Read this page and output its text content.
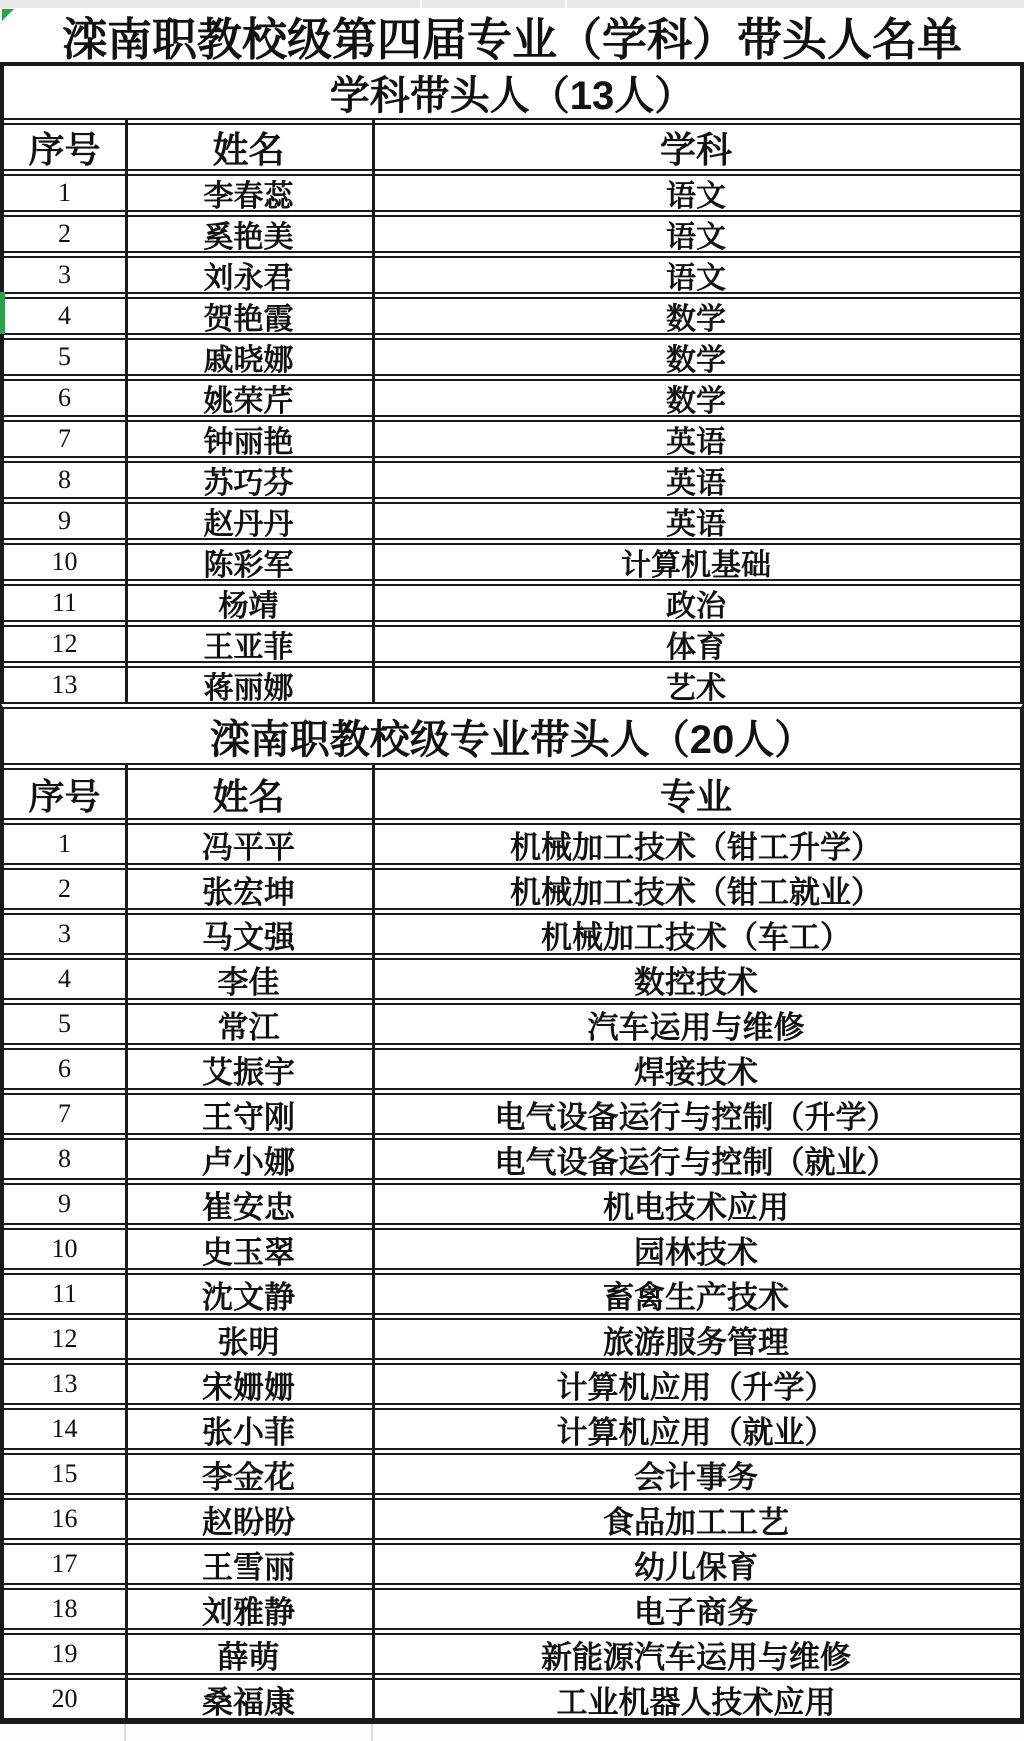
滦南职教校级第四届专业（学科）带头人名单
学科带头人（13人）
序号	姓名	学科
1	李春蕊	语文
2	奚艳美	语文
3	刘永君	语文
4	贺艳霞	数学
5	戚晓娜	数学
6	姚荣芹	数学
7	钟丽艳	英语
8	苏巧芬	英语
9	赵丹丹	英语
10	陈彩军	计算机基础
11	杨靖	政治
12	王亚菲	体育
13	蒋丽娜	艺术
滦南职教校级专业带头人（20人）
序号	姓名	专业
1	冯平平	机械加工技术（钳工升学）
2	张宏坤	机械加工技术（钳工就业）
3	马文强	机械加工技术（车工）
4	李佳	数控技术
5	常江	汽车运用与维修
6	艾振宇	焊接技术
7	王守刚	电气设备运行与控制（升学）
8	卢小娜	电气设备运行与控制（就业）
9	崔安忠	机电技术应用
10	史玉翠	园林技术
11	沈文静	畜禽生产技术
12	张明	旅游服务管理
13	宋姗姗	计算机应用（升学）
14	张小菲	计算机应用（就业）
15	李金花	会计事务
16	赵盼盼	食品加工工艺
17	王雪丽	幼儿保育
18	刘雅静	电子商务
19	薛萌	新能源汽车运用与维修
20	桑福康	工业机器人技术应用
